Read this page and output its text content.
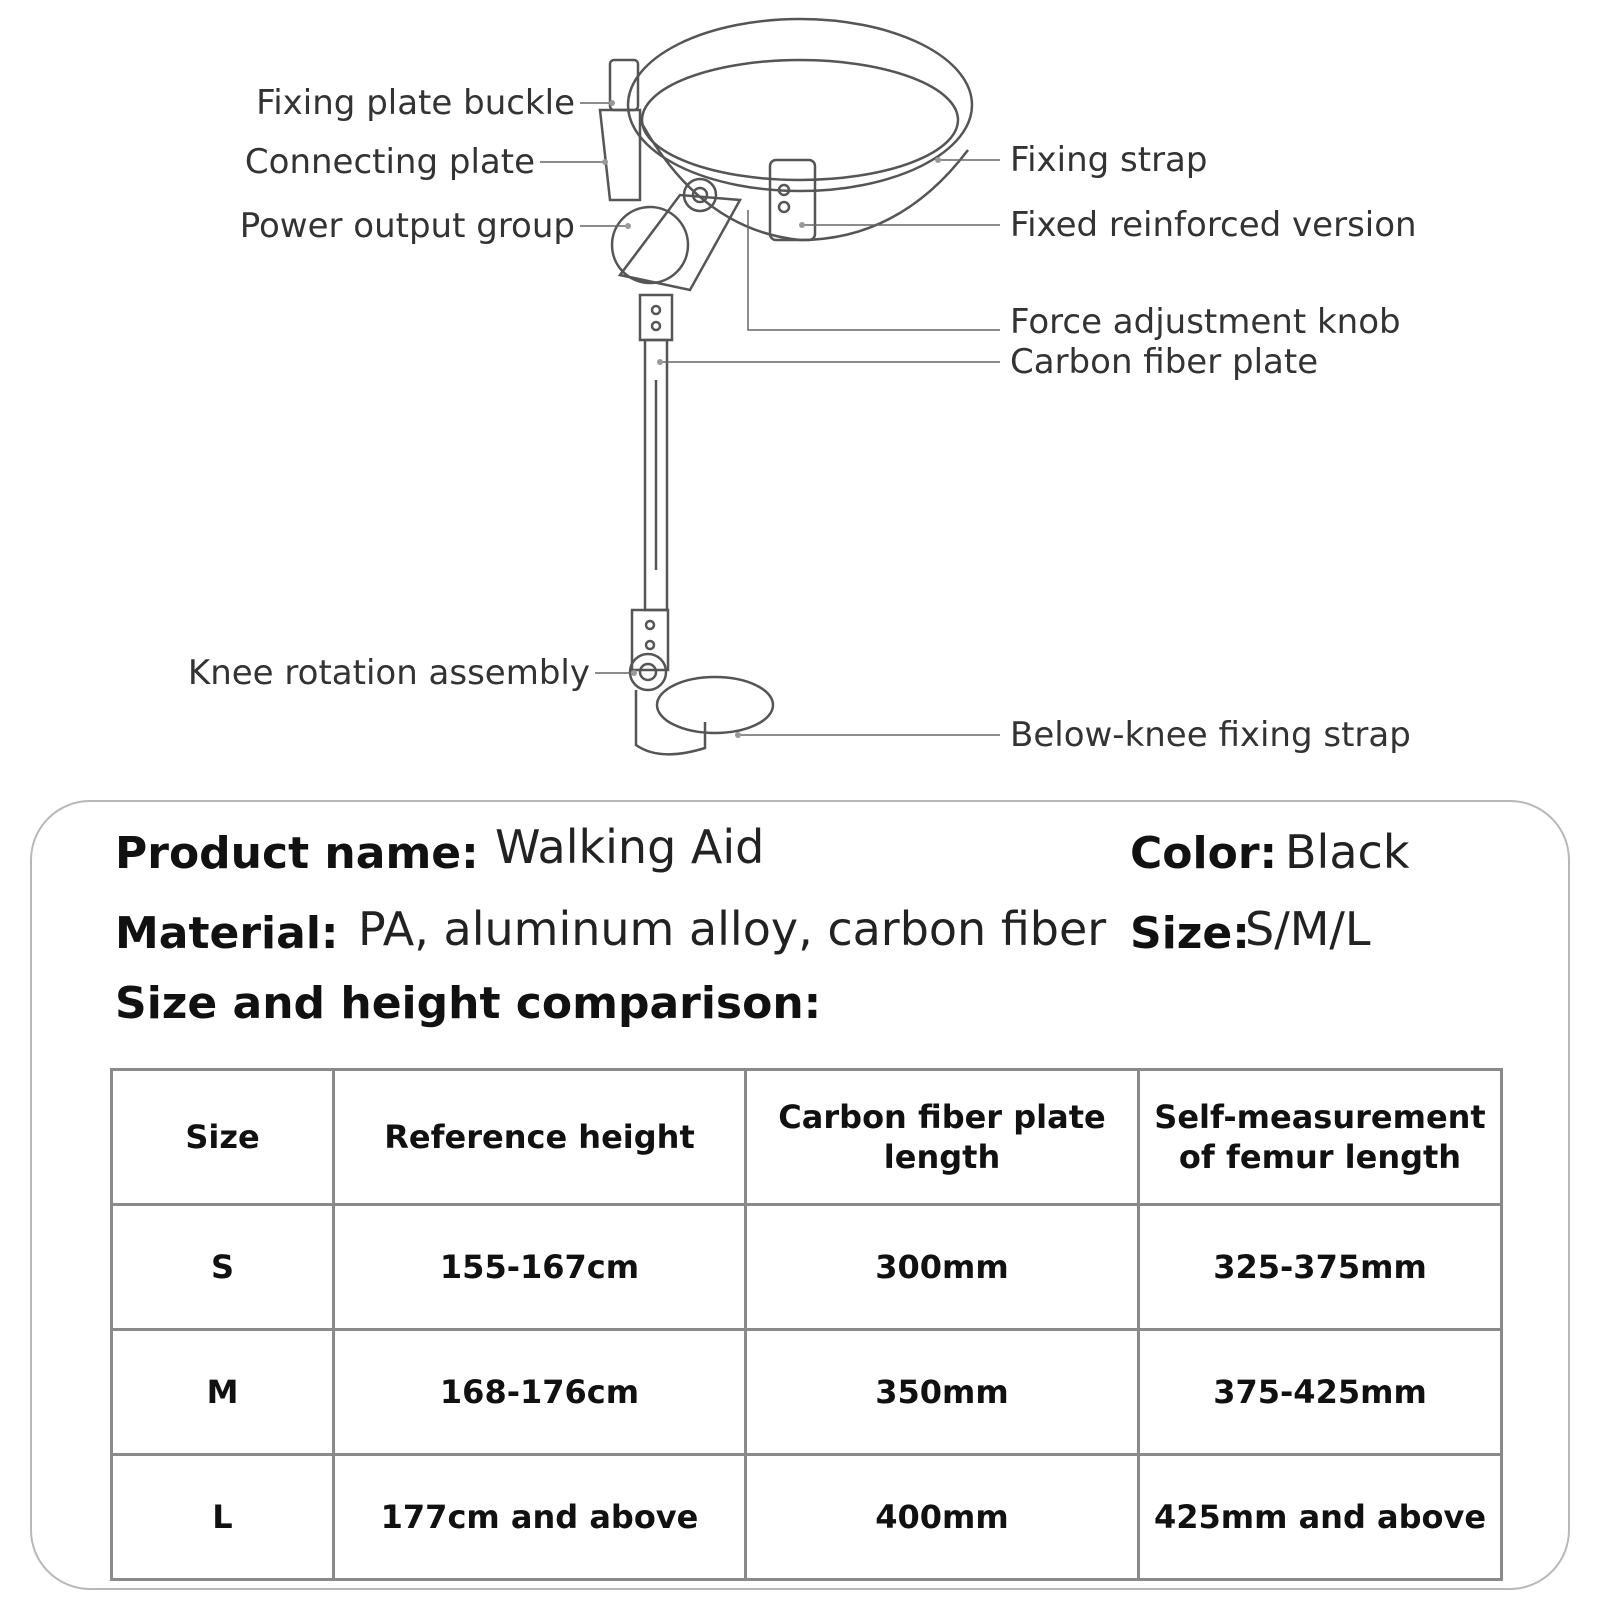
Fixing plate buckle
Connecting plate
Power output group
Knee rotation assembly
Fixing strap
Fixed reinforced version
Force adjustment knob
Carbon fiber plate
Below-knee fixing strap
Product name: Walking Aid	Color: Black
Material: PA, aluminum alloy, carbon fiber Size:
S/M/L
Size and height comparison:
Size	Reference height	Carbon fiber plate length	Self-measurement of femur length
S	155-167cm	300mm	325-375mm
M	168-176cm	350mm	375-425mm
L	177cm and above	400mm	425mm and above
